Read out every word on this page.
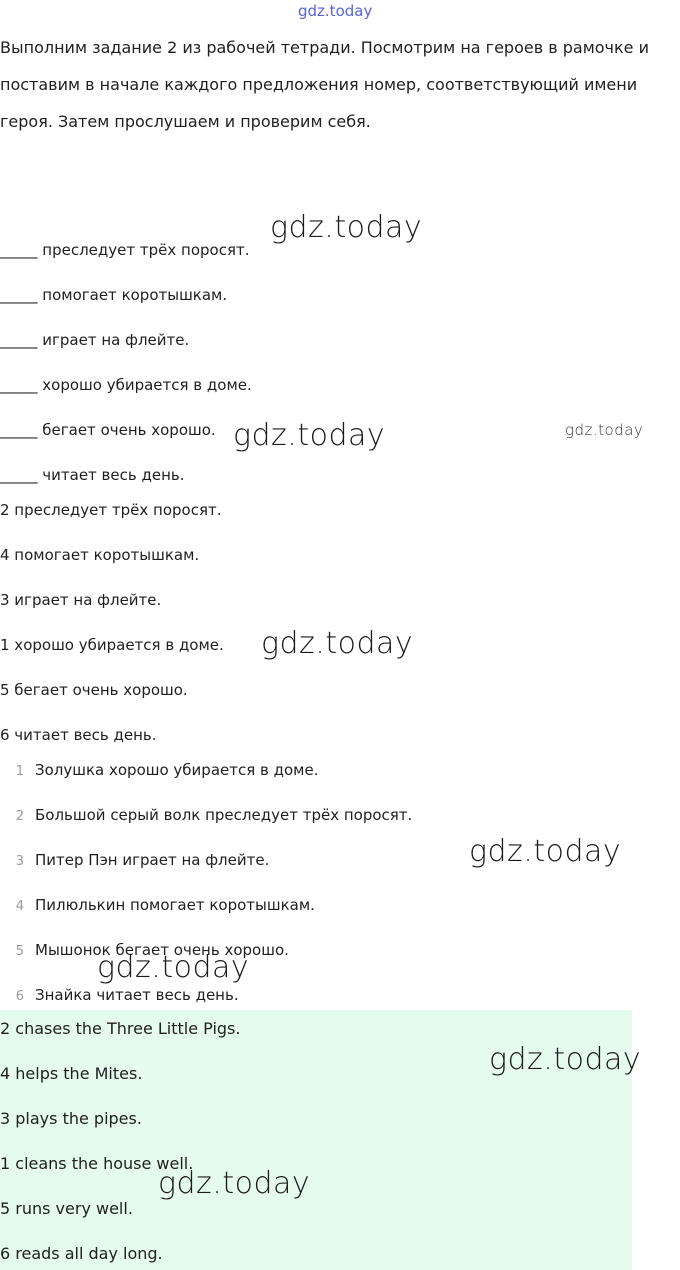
gdz.today

Выполним задание 2 из рабочей тетради. Посмотрим на героев в рамочке и поставим в начале каждого предложения номер, соответствующий имени героя. Затем прослушаем и проверим себя.

_____ преследует трёх поросят.
_____ помогает коротышкам.
_____ играет на флейте.
_____ хорошо убирается в доме.
_____ бегает очень хорошо.
_____ читает весь день.
2 преследует трёх поросят.
4 помогает коротышкам.
3 играет на флейте.
1 хорошо убирается в доме.
5 бегает очень хорошо.
6 читает весь день.
1 Золушка хорошо убирается в доме.
2 Большой серый волк преследует трёх поросят.
3 Питер Пэн играет на флейте.
4 Пилюлькин помогает коротышкам.
5 Мышонок бегает очень хорошо.
6 Знайка читает весь день.
2 chases the Three Little Pigs.
4 helps the Mites.
3 plays the pipes.
1 cleans the house well.
5 runs very well.
6 reads all day long.
gdz.today
gdz.today	gdz.today
gdz.today
gdz.today
gdz.today
gdz.today
gdz.today
